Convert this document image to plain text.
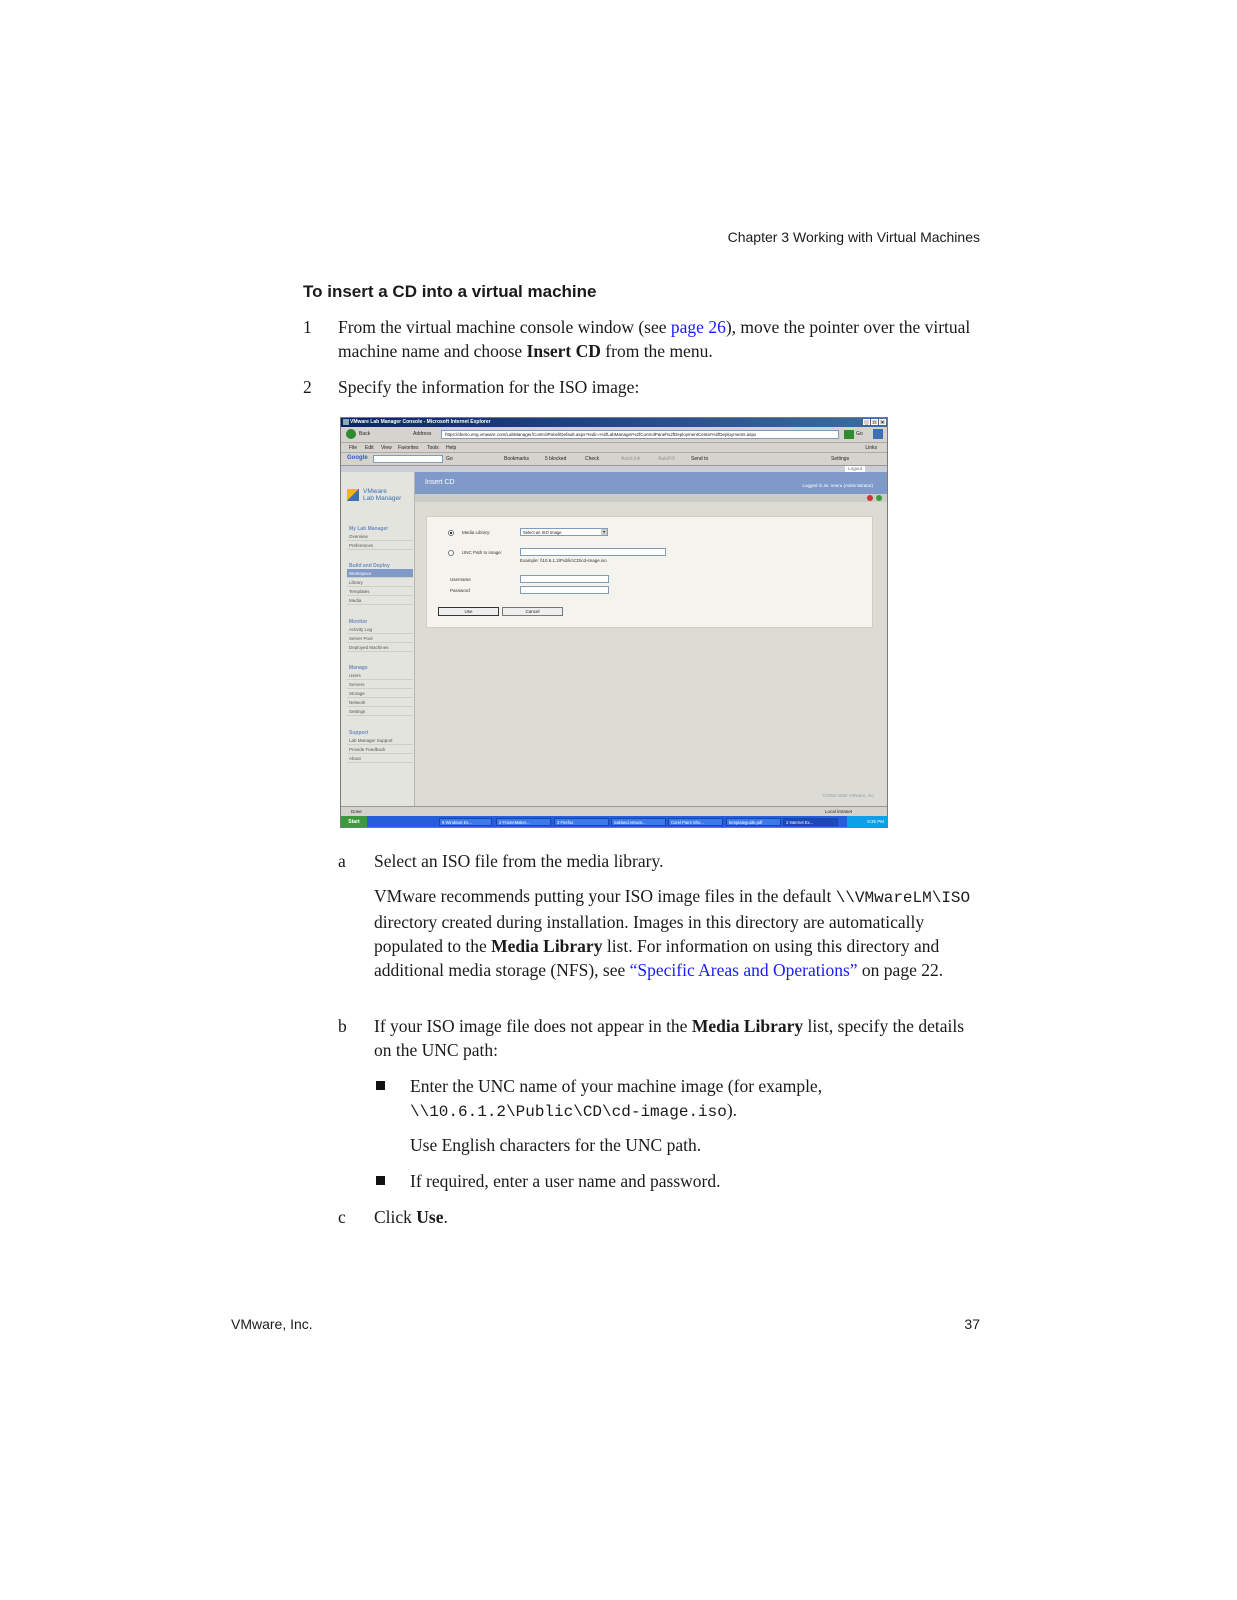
Chapter 3 Working with Virtual Machines
To insert a CD into a virtual machine
1 From the virtual machine console window (see page 26), move the pointer over the virtual machine name and choose Insert CD from the menu.
2 Specify the information for the ISO image:
VMware Lab Manager Console - Microsoft Internet Explorer	_	□	×
Back	Address	https://demo.eng.vmware.com/LabManager/ControlPanel/Default.aspx?redir=%2fLabManager%2fControlPanel%2fDeploymentCenter%2fDeployments.aspx	Go
File Edit View Favorites Tools Help	Links
Google	Go	Bookmarks	5 blocked	Check	AutoLink	AutoFill	Send to	Settings
Logout
VMware
Lab Manager
My Lab Manager
Overview
Preferences
Build and Deploy
Workspace
Library
Templates
Media
Monitor
Activity Log
Server Pool
Deployed Machines
Manage
Users
Servers
Storage
Network
Settings
Support
Lab Manager Support
Provide Feedback
About
Insert CD	Logged in as: neeru (Administrator)
Media Library:	Select an ISO Image	▾
UNC Path to image:
Example: \\10.6.1.2\Public\CD\cd-image.iso
Username
Password
Use	Cancel
©2005-2006 VMware, Inc.
Done	Local intranet
Start	6 Windows Ex...	2 FrameMaker...	3 Firefox	oakland.vmwar...	Corel Paint Sho...	templateguide.pdf	2 Internet Ex...	9:35 PM
a Select an ISO file from the media library.
VMware recommends putting your ISO image files in the default \\VMwareLM\ISO directory created during installation. Images in this directory are automatically populated to the Media Library list. For information on using this directory and additional media storage (NFS), see “Specific Areas and Operations” on page 22.
b If your ISO image file does not appear in the Media Library list, specify the details on the UNC path:
Enter the UNC name of your machine image (for example,
\\10.6.1.2\Public\CD\cd-image.iso).
Use English characters for the UNC path.
If required, enter a user name and password.
c Click Use.
VMware, Inc.	37
